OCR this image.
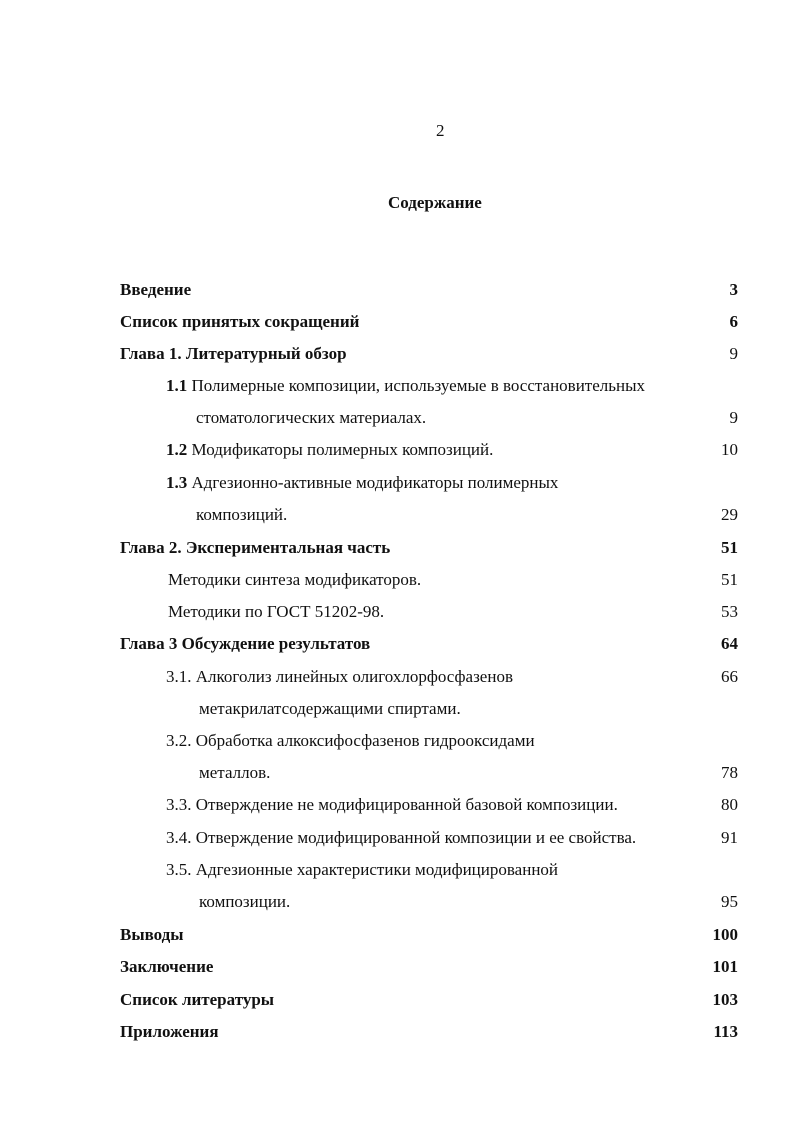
2
Содержание
Введение	3
Список принятых сокращений	6
Глава 1. Литературный обзор	9
1.1 Полимерные композиции, используемые в восстановительных
стоматологических материалах.	9
1.2 Модификаторы полимерных композиций.	10
1.3 Адгезионно-активные модификаторы полимерных
композиций.	29
Глава 2. Экспериментальная часть	51
Методики синтеза модификаторов.	51
Методики по ГОСТ 51202-98.	53
Глава 3 Обсуждение результатов	64
3.1. Алкоголиз линейных олигохлорфосфазенов	66
метакрилатсодержащими спиртами.
3.2. Обработка алкоксифосфазенов гидрооксидами
металлов.	78
3.3. Отверждение не модифицированной базовой композиции.	80
3.4. Отверждение модифицированной композиции и ее свойства.	91
3.5. Адгезионные характеристики модифицированной
композиции.	95
Выводы	100
Заключение	101
Список литературы	103
Приложения	113
